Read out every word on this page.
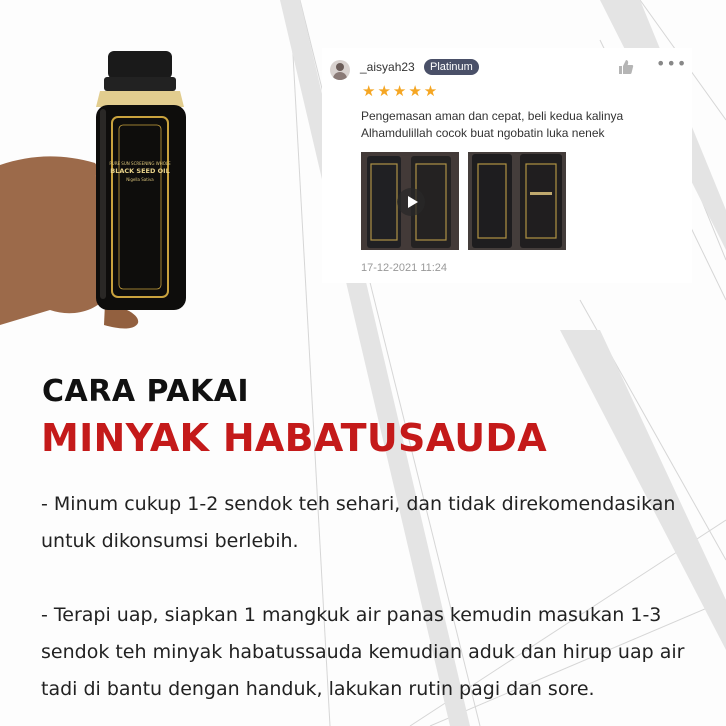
PURE SUN SCREENING WHOLE
BLACK SEED OIL
Nigella Sativa
_aisyah23	Platinum	•••
★★★★★
Pengemasan aman dan cepat, beli kedua kalinya
Alhamdulillah cocok buat ngobatin luka nenek
17-12-2021 11:24
CARA PAKAI
MINYAK HABATUSAUDA

- Minum cukup 1-2 sendok teh sehari, dan tidak direkomendasikan

untuk dikonsumsi berlebih.

- Terapi uap, siapkan 1 mangkuk air panas kemudin masukan 1-3

sendok teh minyak habatussauda kemudian aduk dan hirup uap air

tadi di bantu dengan handuk, lakukan rutin pagi dan sore.
